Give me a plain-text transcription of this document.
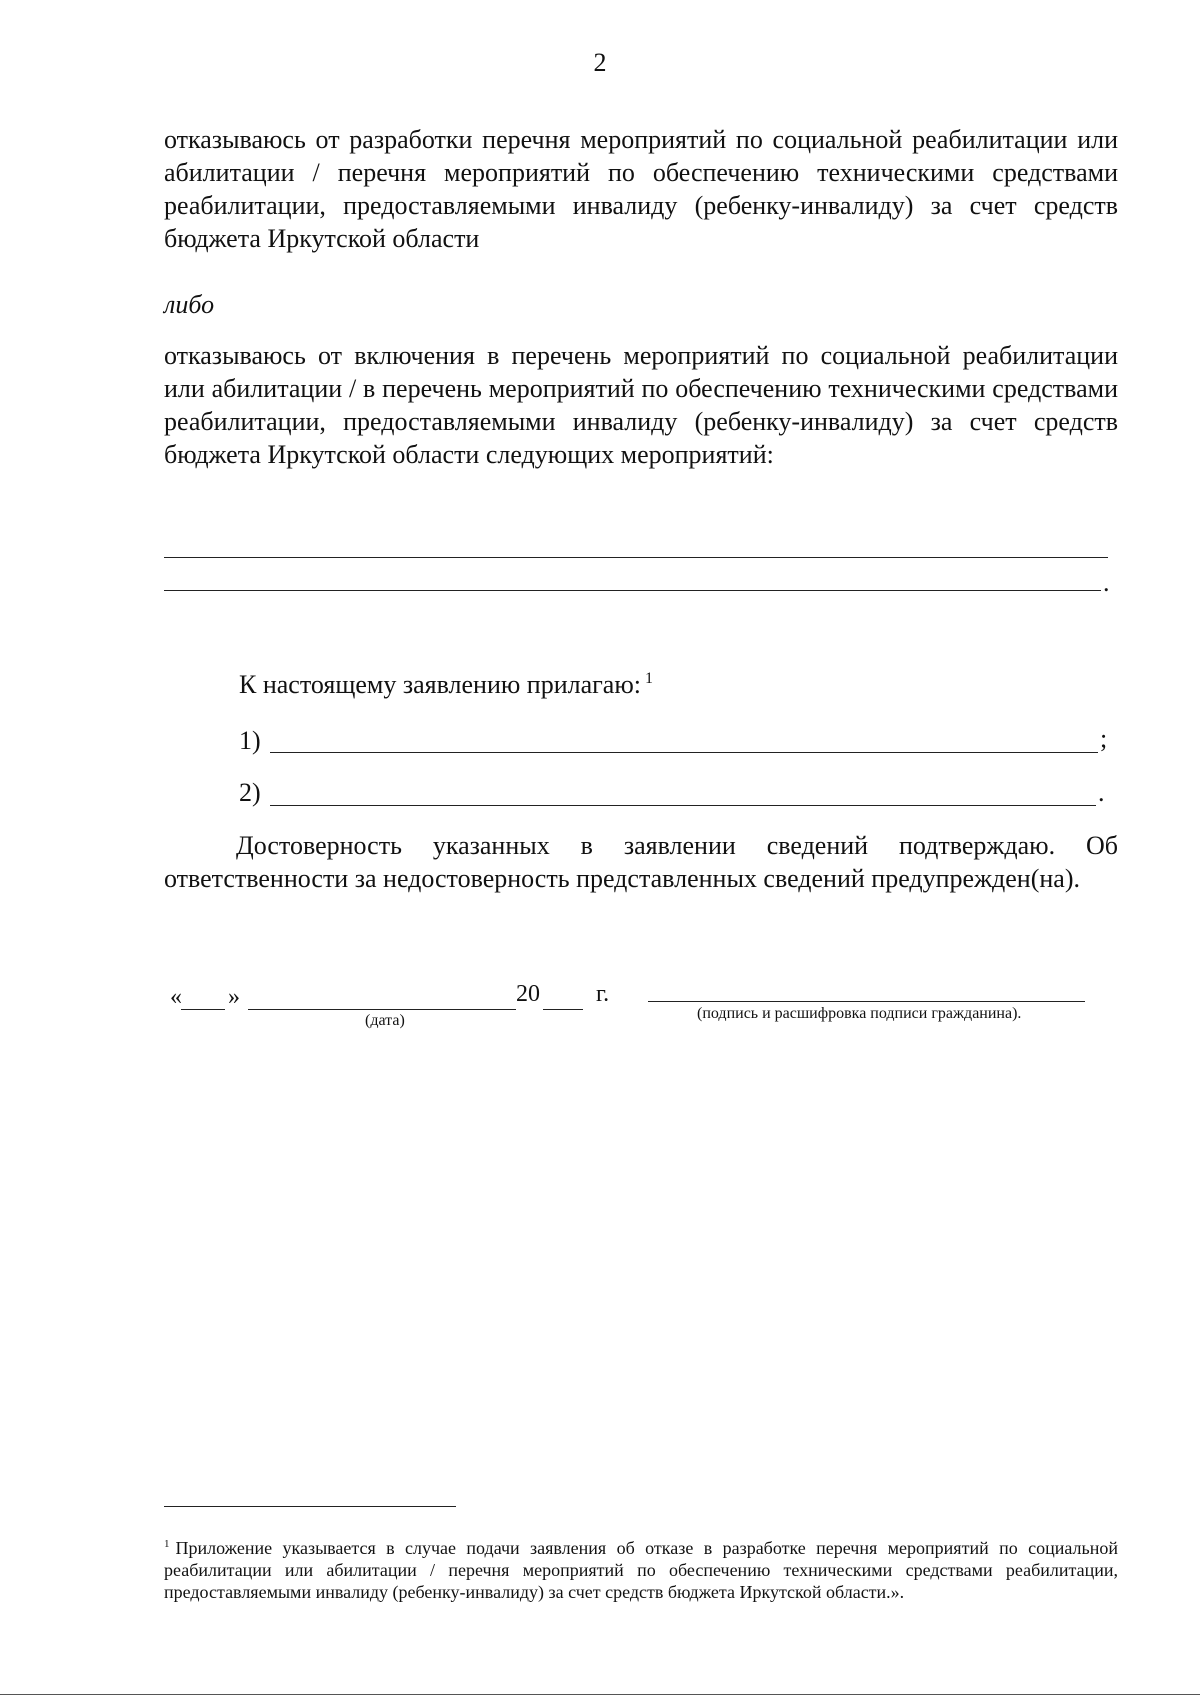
2

отказываюсь от разработки перечня мероприятий по социальной реабилитации или абилитации / перечня мероприятий по обеспечению техническими средствами реабилитации, предоставляемыми инвалиду (ребенку-инвалиду) за счет средств бюджета Иркутской области

либо

отказываюсь от включения в перечень мероприятий по социальной реабилитации или абилитации / в перечень мероприятий по обеспечению техническими средствами реабилитации, предоставляемыми инвалиду (ребенку-инвалиду) за счет средств бюджета Иркутской области следующих мероприятий:

.
К настоящему заявлению прилагаю: $^1$
1)	;
2)	.

Достоверность указанных в заявлении сведений подтверждаю. Об ответственности за недостоверность представленных сведений предупрежден(на).

« »	20 г.
(дата)	(подпись и расшифровка подписи гражданина).

$^1$ Приложение указывается в случае подачи заявления об отказе в разработке перечня мероприятий по социальной реабилитации или абилитации / перечня мероприятий по обеспечению техническими средствами реабилитации, предоставляемыми инвалиду (ребенку-инвалиду) за счет средств бюджета Иркутской области.».
